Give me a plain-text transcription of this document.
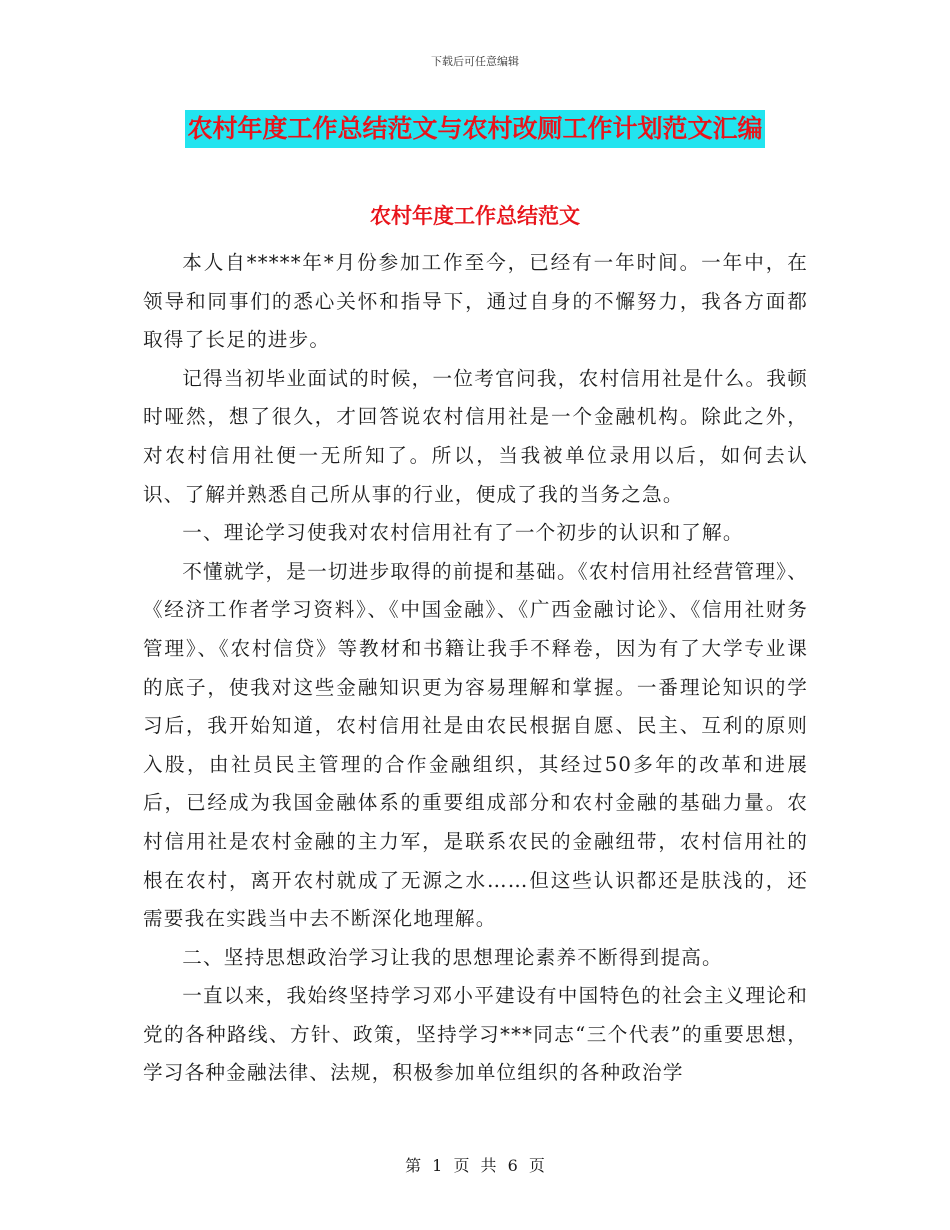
下载后可任意编辑
农村年度工作总结范文与农村改厕工作计划范文汇编
农村年度工作总结范文

本人自*****年*月份参加工作至今，已经有一年时间。一年中，在领导和同事们的悉心关怀和指导下，通过自身的不懈努力，我各方面都取得了长足的进步。

记得当初毕业面试的时候，一位考官问我，农村信用社是什么。我顿时哑然，想了很久，才回答说农村信用社是一个金融机构。除此之外，对农村信用社便一无所知了。所以，当我被单位录用以后，如何去认识、了解并熟悉自己所从事的行业，便成了我的当务之急。

一、理论学习使我对农村信用社有了一个初步的认识和了解。

不懂就学，是一切进步取得的前提和基础。《农村信用社经营管理》、《经济工作者学习资料》、《中国金融》、《广西金融讨论》、《信用社财务管理》、《农村信贷》等教材和书籍让我手不释卷，因为有了大学专业课的底子，使我对这些金融知识更为容易理解和掌握。一番理论知识的学习后，我开始知道，农村信用社是由农民根据自愿、民主、互利的原则入股，由社员民主管理的合作金融组织，其经过50多年的改革和进展后，已经成为我国金融体系的重要组成部分和农村金融的基础力量。农村信用社是农村金融的主力军，是联系农民的金融纽带，农村信用社的根在农村，离开农村就成了无源之水……但这些认识都还是肤浅的，还需要我在实践当中去不断深化地理解。

二、坚持思想政治学习让我的思想理论素养不断得到提高。

一直以来，我始终坚持学习邓小平建设有中国特色的社会主义理论和党的各种路线、方针、政策，坚持学习***同志“三个代表”的重要思想，学习各种金融法律、法规，积极参加单位组织的各种政治学

第 1 页 共 6 页
